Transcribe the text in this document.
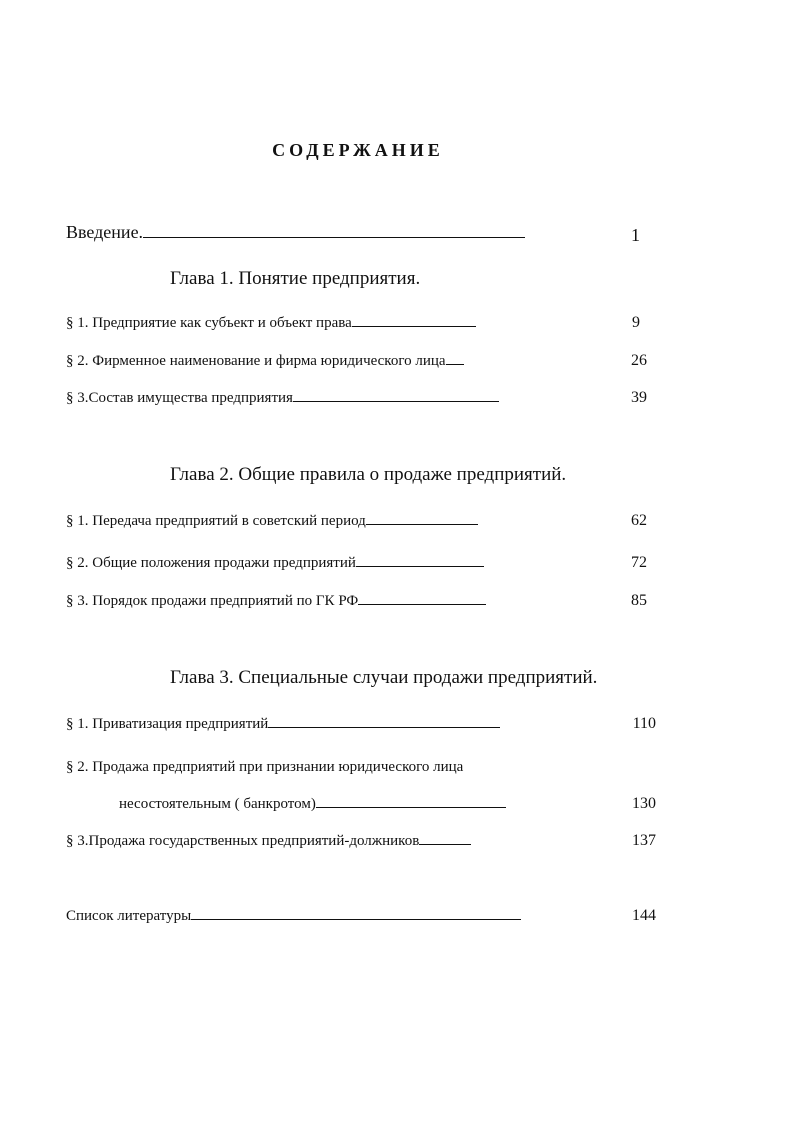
СОДЕРЖАНИЕ
Введение.	1
Глава 1. Понятие предприятия.
§ 1. Предприятие как субъект и объект права	9
§ 2. Фирменное наименование и фирма юридического лица	26
§ 3.Состав имущества предприятия	39
Глава 2. Общие правила о продаже предприятий.
§ 1. Передача предприятий в советский период	62
§ 2. Общие положения продажи предприятий	72
§ 3. Порядок продажи предприятий по ГК РФ	85
Глава 3. Специальные случаи продажи предприятий.
§ 1. Приватизация предприятий	110
§ 2. Продажа предприятий при признании юридического лица
несостоятельным ( банкротом)	130
§ 3.Продажа государственных предприятий-должников	137
Список литературы	144
